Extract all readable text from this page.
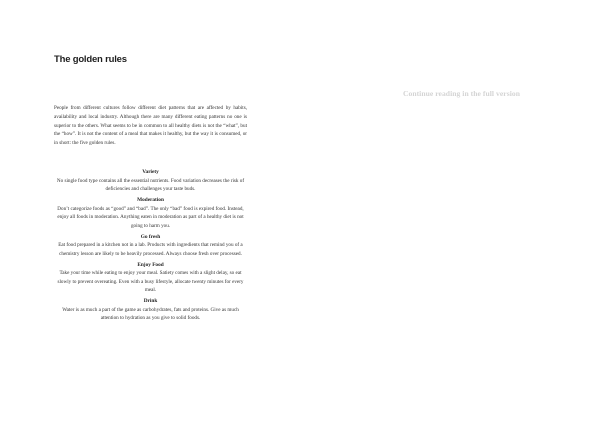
The golden rules

People from different cultures follow different diet patterns that are affected by habits, availability and local industry. Although there are many different eating patterns no one is superior to the others. What seems to be in common to all healthy diets is not the “what”, but the “how”. It is not the content of a meal that makes it healthy, but the way it is consumed, or in short: the five golden rules.

Variety

No single food type contains all the essential nutrients. Food variation decreases the risk of deficiencies and challenges your taste buds.

Moderation

Don’t categorize foods as “good” and “bad”. The only “bad” food is expired food. Instead, enjoy all foods in moderation. Anything eaten in moderation as part of a healthy diet is not going to harm you.

Go fresh

Eat food prepared in a kitchen not in a lab. Products with ingredients that remind you of a chemistry lesson are likely to be heavily processed. Always choose fresh over processed.

Enjoy Food

Take your time while eating to enjoy your meal. Satiety comes with a slight delay, so eat slowly to prevent overeating. Even with a busy lifestyle, allocate twenty minutes for every meal.

Drink

Water is as much a part of the game as carbohydrates, fats and proteins. Give as much attention to hydration as you give to solid foods.

Continue reading in the full version
